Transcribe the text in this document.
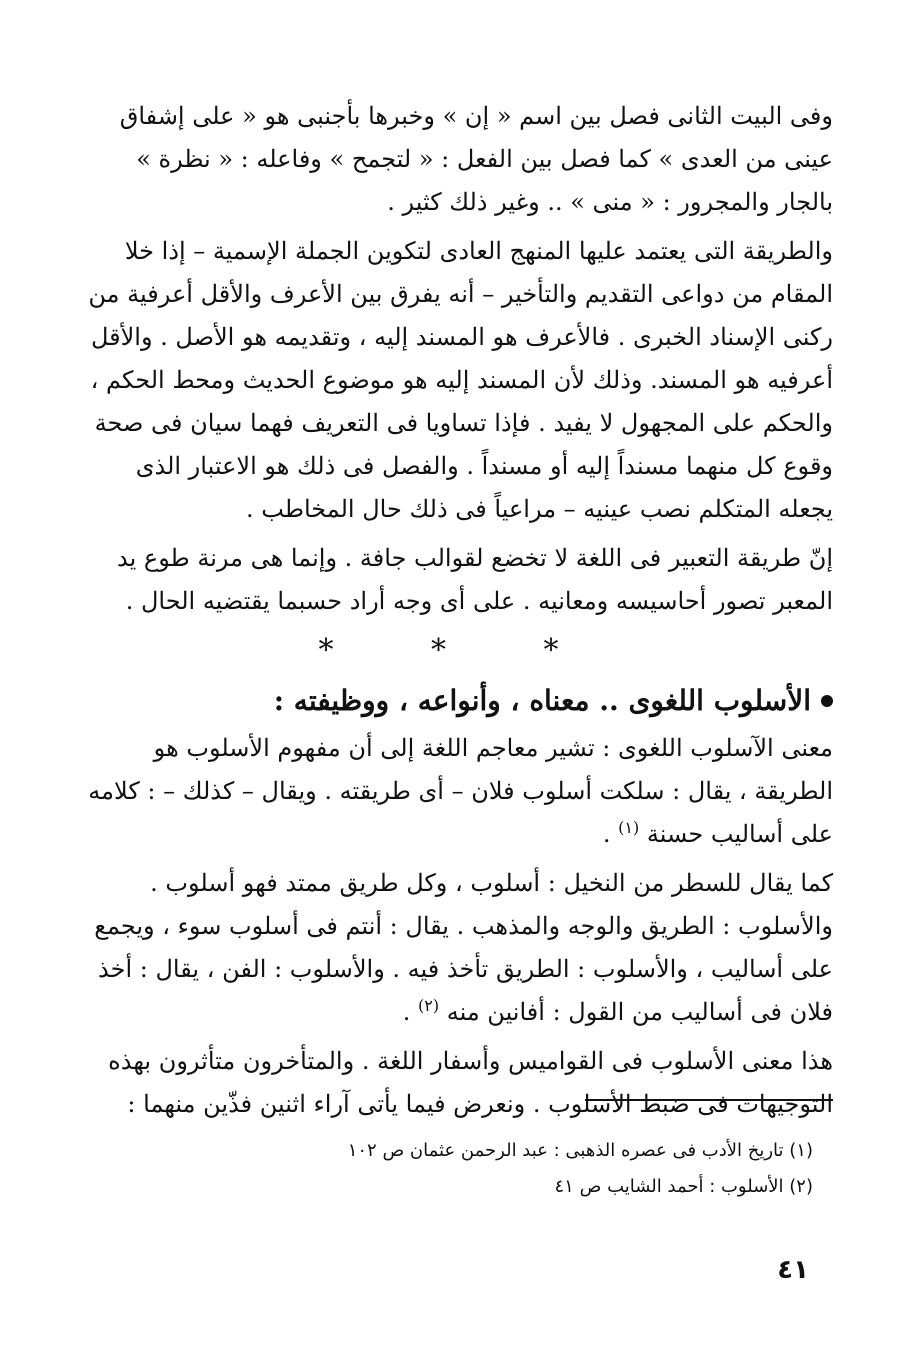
وفى البيت الثانى فصل بين اسم « إن » وخبرها بأجنبى هو « على إشفاق

عينى من العدى » كما فصل بين الفعل : « لتجمح » وفاعله : « نظرة »

بالجار والمجرور : « منى » .. وغير ذلك كثير .

والطريقة التى يعتمد عليها المنهج العادى لتكوين الجملة الإسمية – إذا خلا

المقام من دواعى التقديم والتأخير – أنه يفرق بين الأعرف والأقل أعرفية من

ركنى الإسناد الخبرى . فالأعرف هو المسند إليه ، وتقديمه هو الأصل . والأقل

أعرفيه هو المسند. وذلك لأن المسند إليه هو موضوع الحديث ومحط الحكم ،

والحكم على المجهول لا يفيد . فإذا تساويا فى التعريف فهما سيان فى صحة

وقوع كل منهما مسنداً إليه أو مسنداً . والفصل فى ذلك هو الاعتبار الذى

يجعله المتكلم نصب عينيه – مراعياً فى ذلك حال المخاطب .

إنّ طريقة التعبير فى اللغة لا تخضع لقوالب جافة . وإنما هى مرنة طوع يد

المعبر تصور أحاسيسه ومعانيه . على أى وجه أراد حسبما يقتضيه الحال .

* * *
الأسلوب اللغوى .. معناه ، وأنواعه ، ووظيفته :

معنى الآسلوب اللغوى : تشير معاجم اللغة إلى أن مفهوم الأسلوب هو

الطريقة ، يقال : سلكت أسلوب فلان – أى طريقته . ويقال – كذلك – : كلامه

على أساليب حسنة $^{(١)}$ .

كما يقال للسطر من النخيل : أسلوب ، وكل طريق ممتد فهو أسلوب .

والأسلوب : الطريق والوجه والمذهب . يقال : أنتم فى أسلوب سوء ، ويجمع

على أساليب ، والأسلوب : الطريق تأخذ فيه . والأسلوب : الفن ، يقال : أخذ

فلان فى أساليب من القول : أفانين منه $^{(٢)}$ .

هذا معنى الأسلوب فى القواميس وأسفار اللغة . والمتأخرون متأثرون بهذه

التوجيهات فى ضبط الأسلوب . ونعرض فيما يأتى آراء اثنين فذّين منهما :

(١) تاريخ الأدب فى عصره الذهبى : عبد الرحمن عثمان ص ١٠٢
(٢) الأسلوب : أحمد الشايب ص ٤١
٤١
